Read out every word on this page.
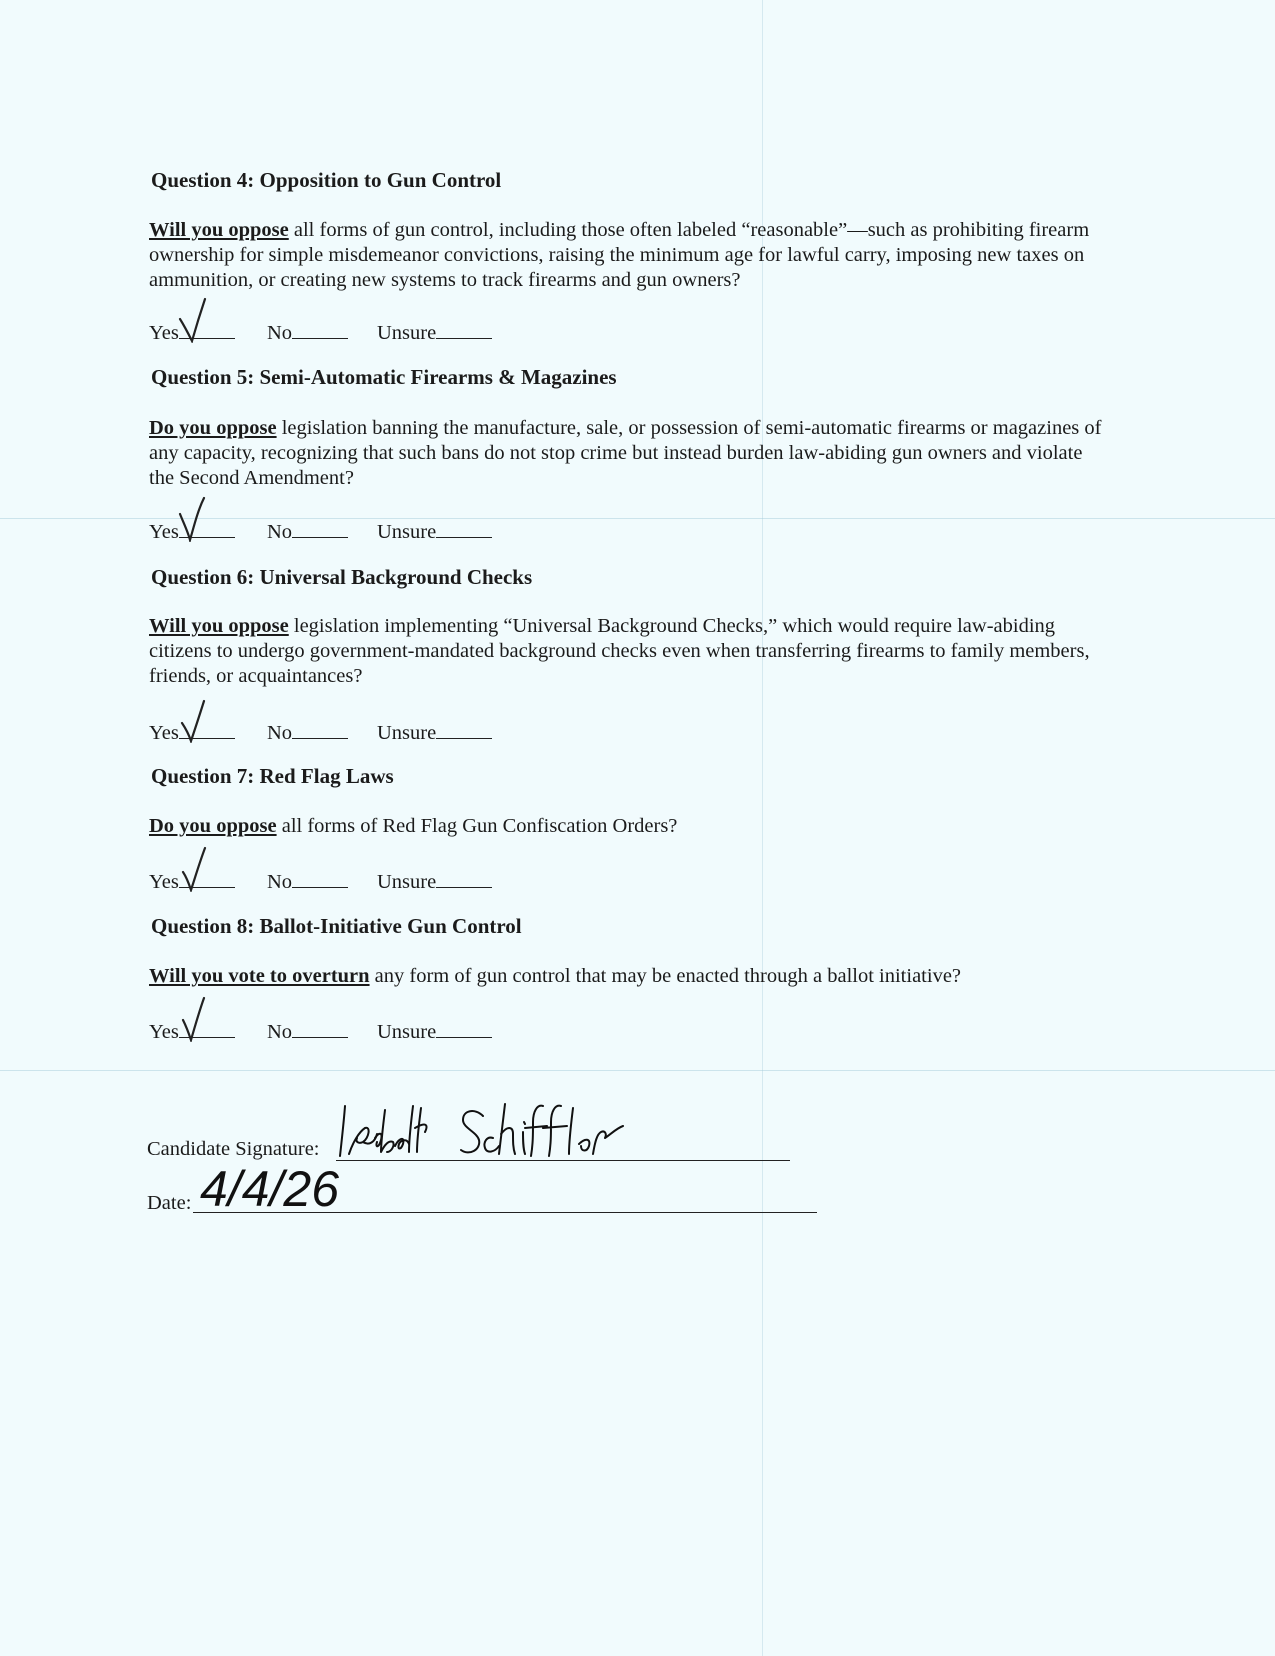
Question 4: Opposition to Gun Control
Will you oppose all forms of gun control, including those often labeled “reasonable”—such as prohibiting firearm ownership for simple misdemeanor convictions, raising the minimum age for lawful carry, imposing new taxes on ammunition, or creating new systems to track firearms and gun owners?
Yes	No	Unsure
Question 5: Semi-Automatic Firearms & Magazines
Do you oppose legislation banning the manufacture, sale, or possession of semi-automatic firearms or magazines of any capacity, recognizing that such bans do not stop crime but instead burden law-abiding gun owners and violate the Second Amendment?
Yes	No	Unsure
Question 6: Universal Background Checks
Will you oppose legislation implementing “Universal Background Checks,” which would require law-abiding citizens to undergo government-mandated background checks even when transferring firearms to family members, friends, or acquaintances?
Yes	No	Unsure
Question 7: Red Flag Laws
Do you oppose all forms of Red Flag Gun Confiscation Orders?
Yes	No	Unsure
Question 8: Ballot-Initiative Gun Control
Will you vote to overturn any form of gun control that may be enacted through a ballot initiative?
Yes	No	Unsure
Candidate Signature:
Date: 4/4/26
